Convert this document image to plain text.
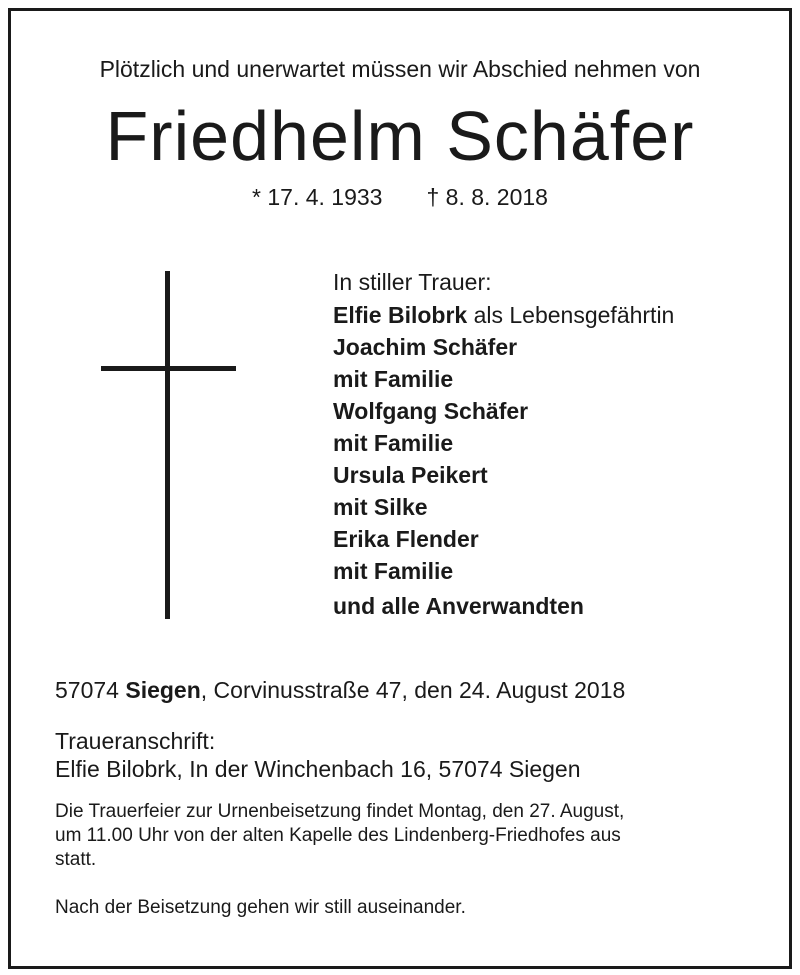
Plötzlich und unerwartet müssen wir Abschied nehmen von
Friedhelm Schäfer
* 17. 4. 1933 † 8. 8. 2018
In stiller Trauer:
Elfie Bilobrk als Lebensgefährtin
Joachim Schäfer
mit Familie
Wolfgang Schäfer
mit Familie
Ursula Peikert
mit Silke
Erika Flender
mit Familie
und alle Anverwandten
57074 Siegen, Corvinusstraße 47, den 24. August 2018
Traueranschrift:
Elfie Bilobrk, In der Winchenbach 16, 57074 Siegen
Die Trauerfeier zur Urnenbeisetzung findet Montag, den 27. August,
um 11.00 Uhr von der alten Kapelle des Lindenberg-Friedhofes aus
statt.
Nach der Beisetzung gehen wir still auseinander.
